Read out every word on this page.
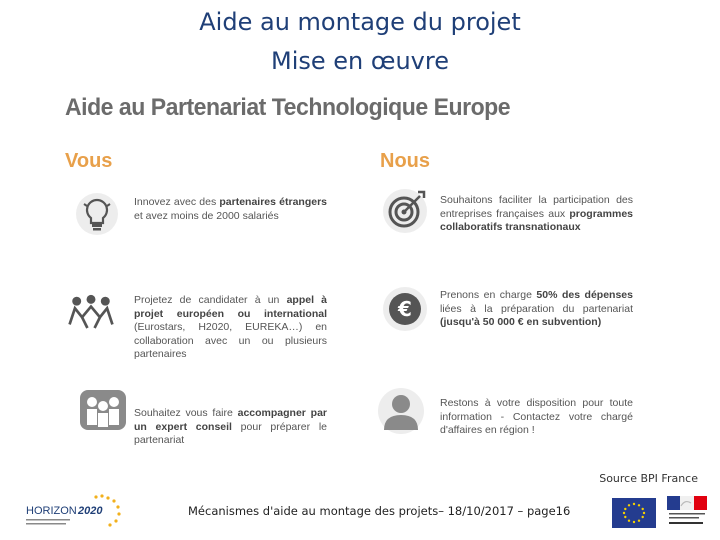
Aide au montage du projet
Mise en œuvre
Aide au Partenariat Technologique Europe
Vous	Nous
Innovez avec des partenaires étrangers et avez moins de 2000 salariés
Projetez de candidater à un appel à projet européen ou international (Eurostars, H2020, EUREKA…) en collaboration avec un ou plusieurs partenaires
Souhaitez vous faire accompagner par un expert conseil pour préparer le partenariat
Souhaitons faciliter la participation des entreprises françaises aux programmes collaboratifs transnationaux
€
Prenons en charge 50% des dépenses liées à la préparation du partenariat (jusqu'à 50 000 € en subvention)
Restons à votre disposition pour toute information - Contactez votre chargé d'affaires en région !
Source BPI France
HORIZON 2020	Mécanismes d'aide au montage des projets– 18/10/2017 – page16
